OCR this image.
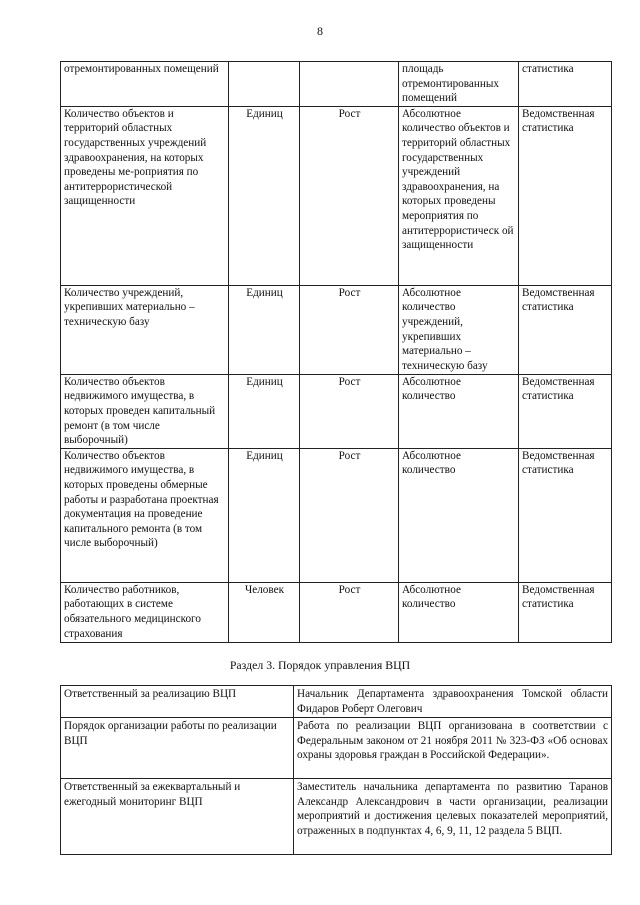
8
отремонтированных помещений			площадь отремонтированных помещений	статистика
Количество объектов и территорий областных государственных учреждений здравоохранения, на которых проведены ме-роприятия по антитеррористической защищенности	Единиц	Рост	Абсолютное количество объектов и территорий областных государственных учреждений здравоохранения, на которых проведены мероприятия по антитеррористическ ой защищенности	Ведомственная статистика
Количество учреждений, укрепивших материально – техническую базу	Единиц	Рост	Абсолютное количество учреждений, укрепивших материально – техническую базу	Ведомственная статистика
Количество объектов недвижимого имущества, в которых проведен капитальный ремонт (в том числе выборочный)	Единиц	Рост	Абсолютное количество	Ведомственная статистика
Количество объектов недвижимого имущества, в которых проведены обмерные работы и разработана проектная документация на проведение капитального ремонта (в том числе выборочный)	Единиц	Рост	Абсолютное количество	Ведомственная статистика
Количество работников, работающих в системе обязательного медицинского страхования	Человек	Рост	Абсолютное количество	Ведомственная статистика
Раздел 3. Порядок управления ВЦП
Ответственный за реализацию ВЦП	Начальник Департамента здравоохранения Томской области Фидаров Роберт Олегович
Порядок организации работы по реализации ВЦП	Работа по реализации ВЦП организована в соответствии с Федеральным законом от 21 ноября 2011 № 323-ФЗ «Об основах охраны здоровья граждан в Российской Федерации».
Ответственный за ежеквартальный и ежегодный мониторинг ВЦП	Заместитель начальника департамента по развитию Таранов Александр Александрович в части организации, реализации мероприятий и достижения целевых показателей мероприятий, отраженных в подпунктах 4, 6, 9, 11, 12 раздела 5 ВЦП.
